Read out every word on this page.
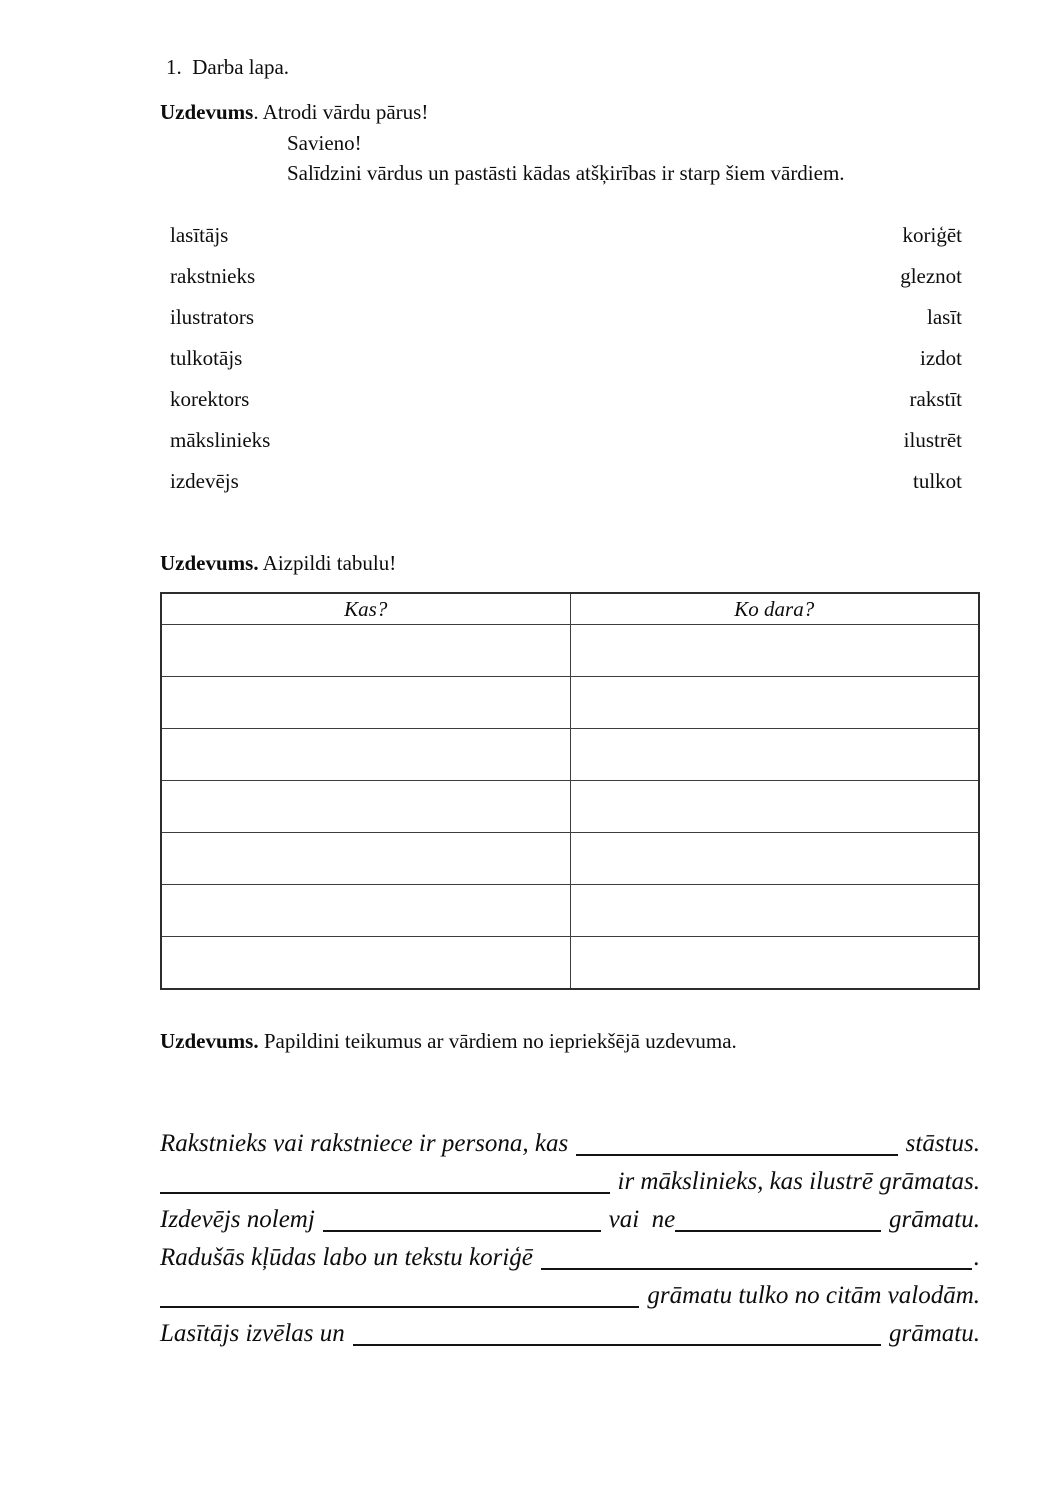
1.  Darba lapa.
Uzdevums. Atrodi vārdu pārus!
Savieno!
Salīdzini vārdus un pastāsti kādas atšķirības ir starp šiem vārdiem.
lasītājs	koriģēt
rakstnieks	gleznot
ilustrators	lasīt
tulkotājs	izdot
korektors	rakstīt
mākslinieks	ilustrēt
izdevējs	tulkot
Uzdevums. Aizpildi tabulu!
Kas?	Ko dara?

Uzdevums. Papildini teikumus ar vārdiem no iepriekšējā uzdevuma.
Rakstnieks vai rakstniece ir persona, kas	stāstus.
ir mākslinieks, kas ilustrē grāmatas.
Izdevējs nolemj	vai  ne	grāmatu.
Radušās kļūdas labo un tekstu koriģē	.
grāmatu tulko no citām valodām.
Lasītājs izvēlas un	grāmatu.
